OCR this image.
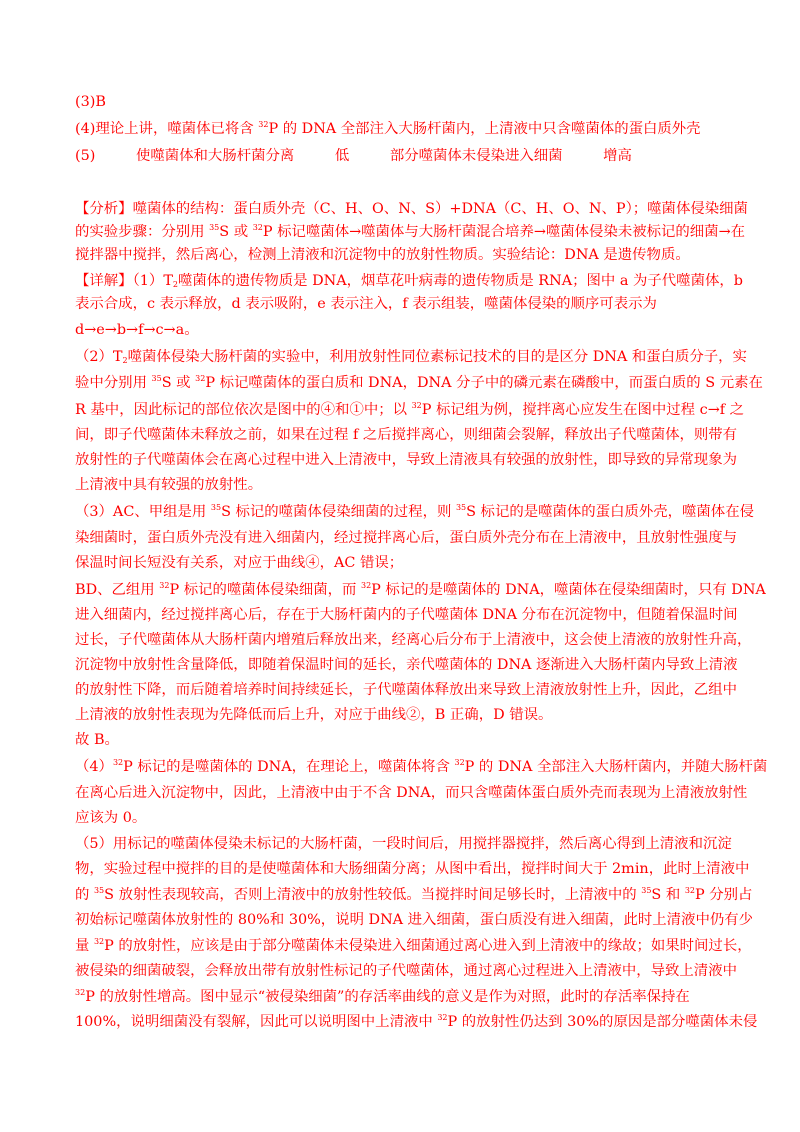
(3)B
(4)理论上讲，噬菌体已将含 $^{32}$P 的 DNA 全部注入大肠杆菌内，上清液中只含噬菌体的蛋白质外壳
(5)	使噬菌体和大肠杆菌分离	低	部分噬菌体未侵染进入细菌	增高
【分析】噬菌体的结构：蛋白质外壳（C、H、O、N、S）+DNA（C、H、O、N、P）；噬菌体侵染细菌
的实验步骤：分别用 $^{35}$S 或 $^{32}$P 标记噬菌体→噬菌体与大肠杆菌混合培养→噬菌体侵染未被标记的细菌→在
搅拌器中搅拌，然后离心，检测上清液和沉淀物中的放射性物质。实验结论：DNA 是遗传物质。
【详解】$(1)T_2$噬菌体的遗传物质是 DNA，烟草花叶病毒的遗传物质是 RNA；图中 a 为子代噬菌体，b
表示合成，c 表示释放，d 表示吸附，e 表示注入，f 表示组装，噬菌体侵染的顺序可表示为
d→e→b→f→c→a。
$(2)T_2$噬菌体侵染大肠杆菌的实验中，利用放射性同位素标记技术的目的是区分 DNA 和蛋白质分子，实
验中分别用 $^{35}$S 或 $^{32}$P 标记噬菌体的蛋白质和 DNA，DNA 分子中的磷元素在磷酸中，而蛋白质的 S 元素在
R 基中，因此标记的部位依次是图中的④和①中；以 $^{32}$P 标记组为例，搅拌离心应发生在图中过程 c→f 之
间，即子代噬菌体未释放之前，如果在过程 f 之后搅拌离心，则细菌会裂解，释放出子代噬菌体，则带有
放射性的子代噬菌体会在离心过程中进入上清液中，导致上清液具有较强的放射性，即导致的异常现象为
上清液中具有较强的放射性。
（3）AC、甲组是用 $^{35}$S 标记的噬菌体侵染细菌的过程，则 $^{35}$S 标记的是噬菌体的蛋白质外壳，噬菌体在侵
染细菌时，蛋白质外壳没有进入细菌内，经过搅拌离心后，蛋白质外壳分布在上清液中，且放射性强度与
保温时间长短没有关系，对应于曲线④，AC 错误；
BD、乙组用 $^{32}$P 标记的噬菌体侵染细菌，而 $^{32}$P 标记的是噬菌体的 DNA，噬菌体在侵染细菌时，只有 DNA
进入细菌内，经过搅拌离心后，存在于大肠杆菌内的子代噬菌体 DNA 分布在沉淀物中，但随着保温时间
过长，子代噬菌体从大肠杆菌内增殖后释放出来，经离心后分布于上清液中，这会使上清液的放射性升高，
沉淀物中放射性含量降低，即随着保温时间的延长，亲代噬菌体的 DNA 逐渐进入大肠杆菌内导致上清液
的放射性下降，而后随着培养时间持续延长，子代噬菌体释放出来导致上清液放射性上升，因此，乙组中
上清液的放射性表现为先降低而后上升，对应于曲线②，B 正确，D 错误。
故 B。
$(4)^{32}P$ 标记的是噬菌体的 DNA，在理论上，噬菌体将含 $^{32}$P 的 DNA 全部注入大肠杆菌内，并随大肠杆菌
在离心后进入沉淀物中，因此，上清液中由于不含 DNA，而只含噬菌体蛋白质外壳而表现为上清液放射性
应该为 0。
（5）用标记的噬菌体侵染未标记的大肠杆菌，一段时间后，用搅拌器搅拌，然后离心得到上清液和沉淀
物，实验过程中搅拌的目的是使噬菌体和大肠细菌分离；从图中看出，搅拌时间大于 2min，此时上清液中
的 $^{35}$S 放射性表现较高，否则上清液中的放射性较低。当搅拌时间足够长时，上清液中的 $^{35}$S 和 $^{32}$P 分别占
初始标记噬菌体放射性的 80%和 30%，说明 DNA 进入细菌，蛋白质没有进入细菌，此时上清液中仍有少
量 $^{32}$P 的放射性，应该是由于部分噬菌体未侵染进入细菌通过离心进入到上清液中的缘故；如果时间过长，
被侵染的细菌破裂，会释放出带有放射性标记的子代噬菌体，通过离心过程进入上清液中，导致上清液中
$^{32}$P 的放射性增高。图中显示“被侵染细菌”的存活率曲线的意义是作为对照，此时的存活率保持在
100%，说明细菌没有裂解，因此可以说明图中上清液中 $^{32}$P 的放射性仍达到 30%的原因是部分噬菌体未侵
